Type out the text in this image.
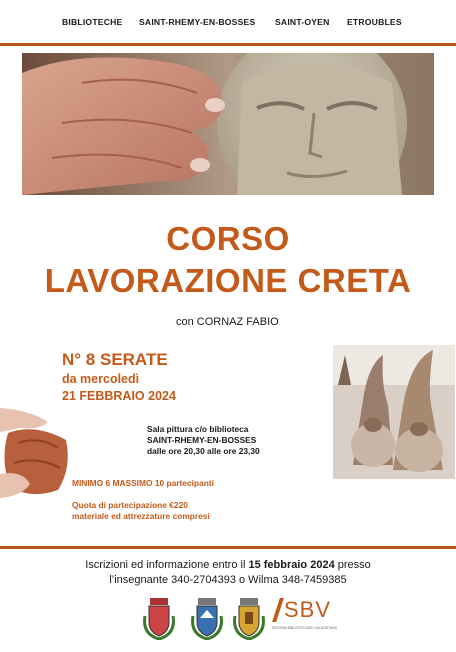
BIBLIOTECHE SAINT-RHEMY-EN-BOSSES SAINT-OYEN ETROUBLES
CORSO
LAVORAZIONE CRETA
con CORNAZ FABIO
N° 8 SERATE
da mercoledì
21 FEBBRAIO 2024
Sala pittura c/o biblioteca
SAINT-RHEMY-EN-BOSSES
dalle ore 20,30 alle ore 23,30
MINIMO 6 MASSIMO 10 partecipanti
Quota di partecipazione €220
materiale ed attrezzature compresi
Iscrizioni ed informazione entro il 15 febbraio 2024 presso
l’insegnante 340-2704393 o Wilma 348-7459385
SBV
SISTEMA BIBLIOTECARIO VALDOSTANO
